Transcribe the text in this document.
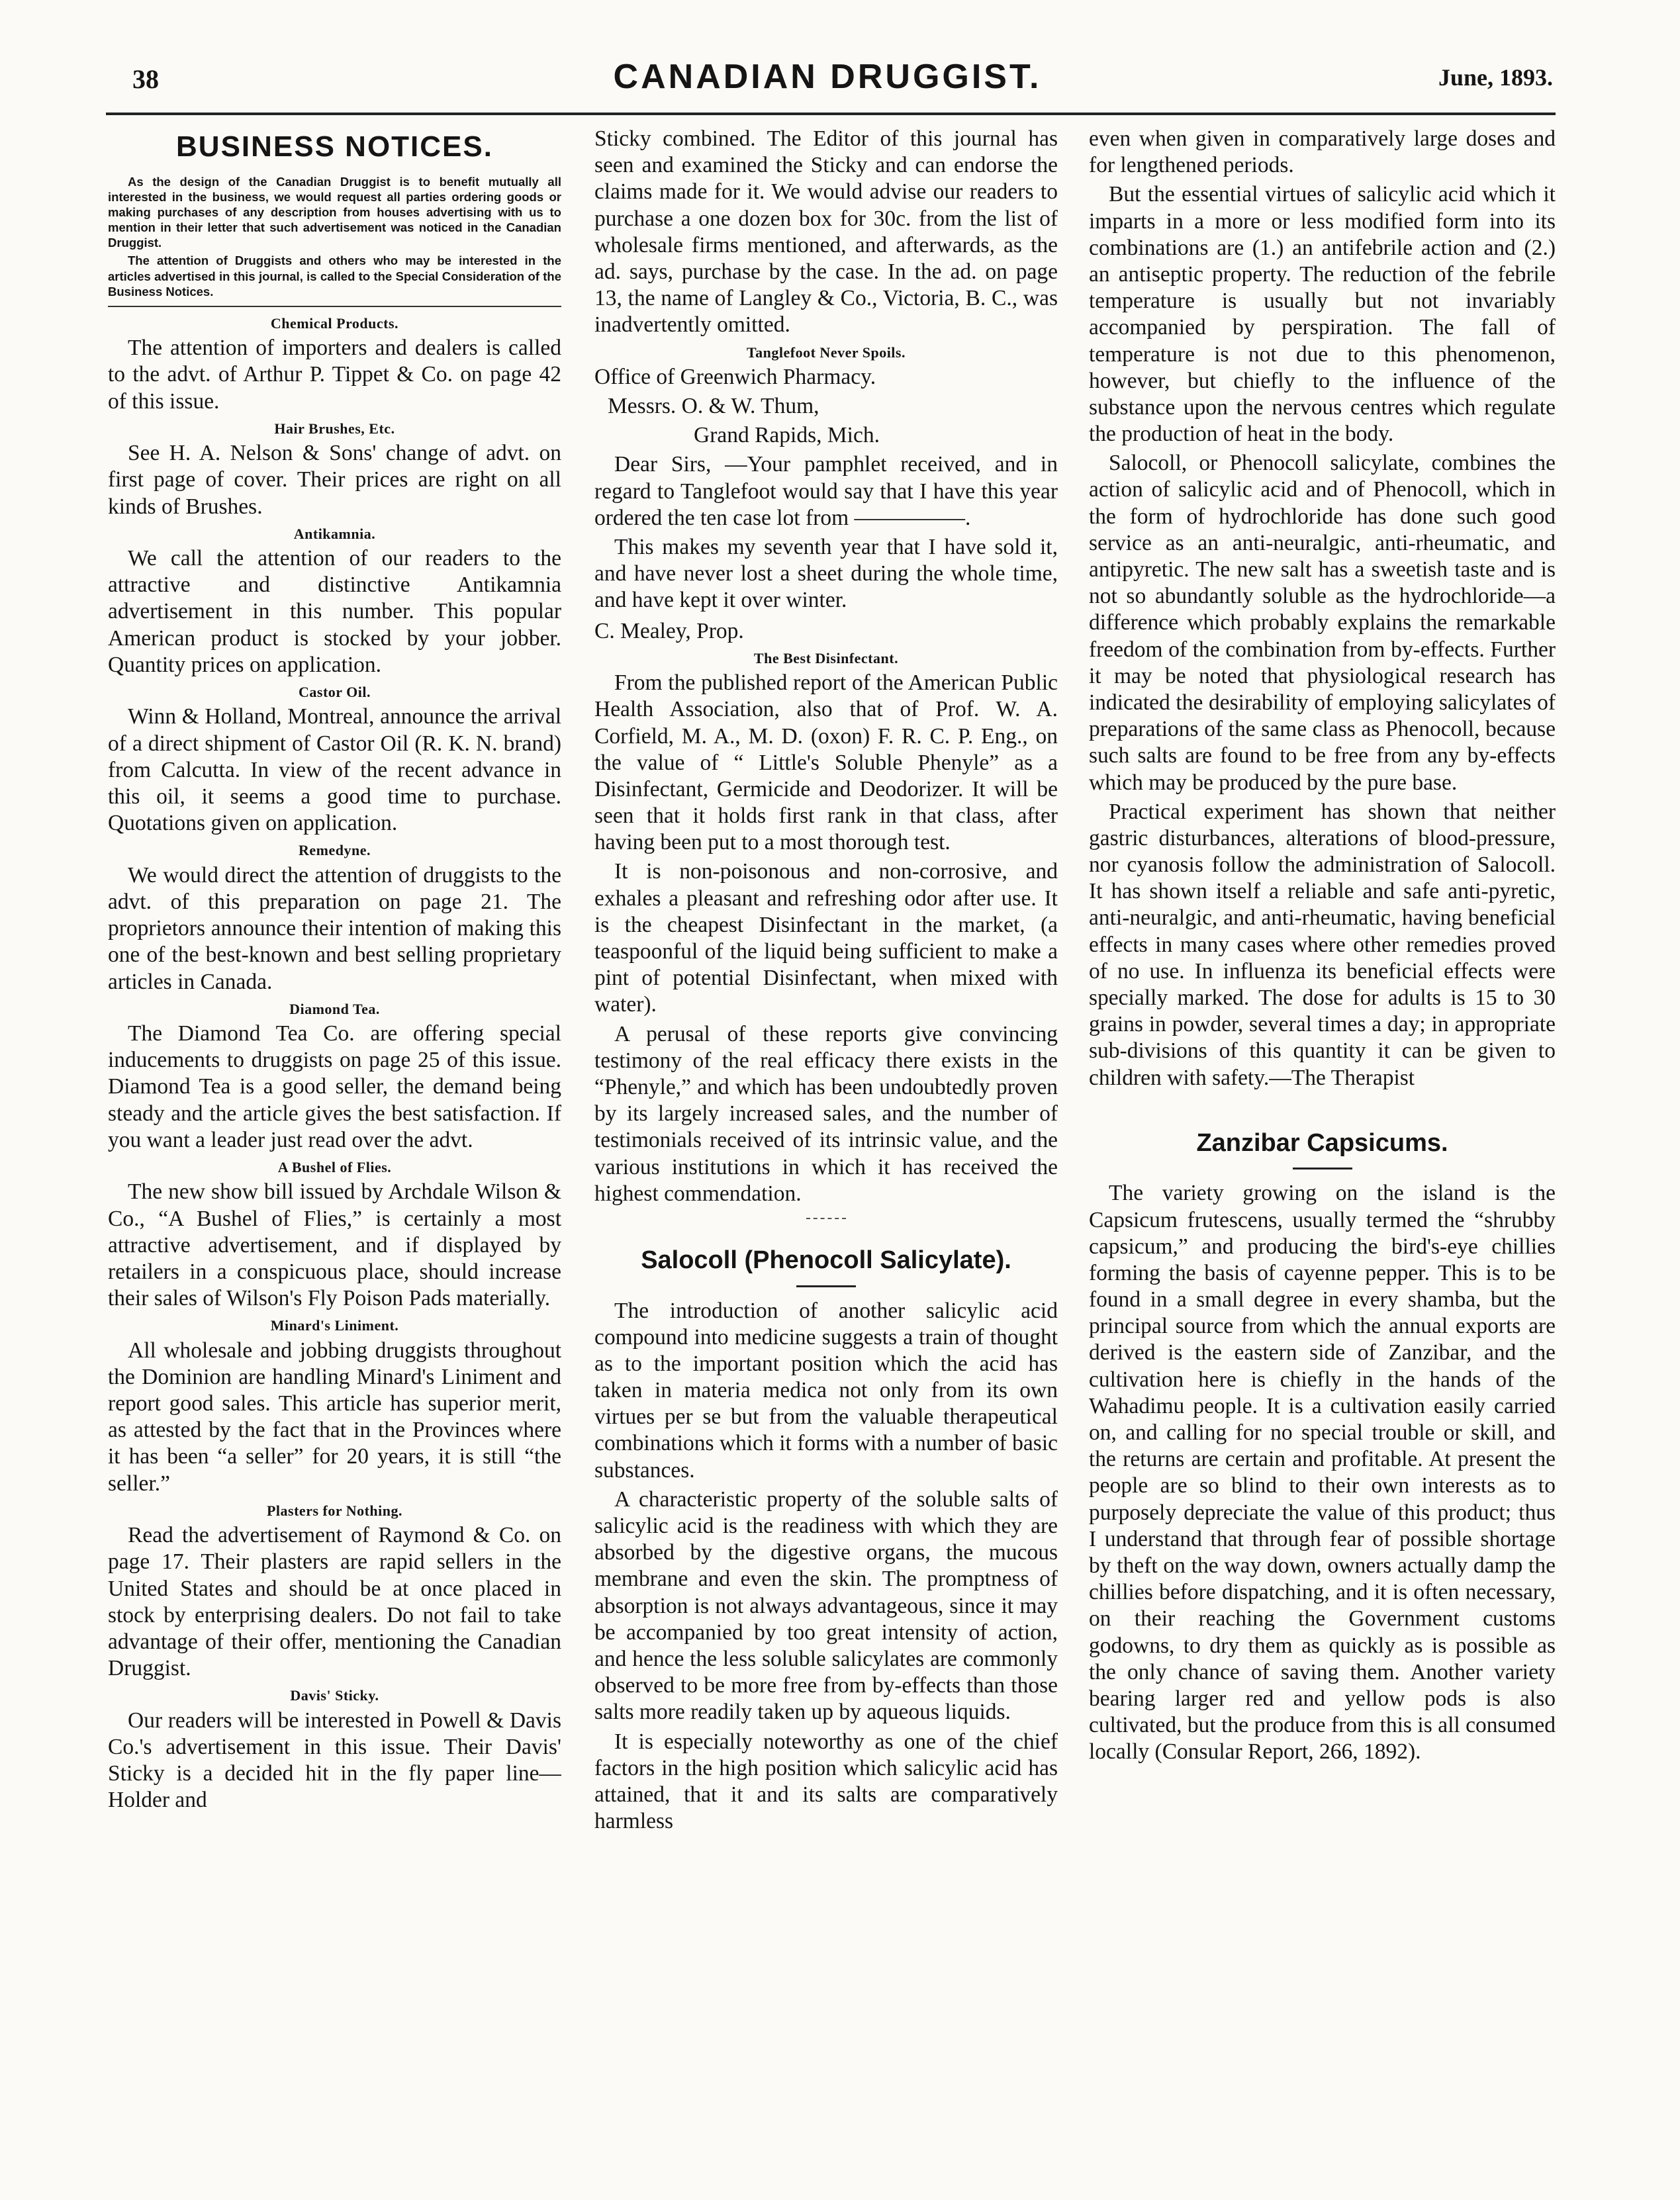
38	CANADIAN DRUGGIST.	June, 1893.
BUSINESS NOTICES.

As the design of the Canadian Druggist is to benefit mutually all interested in the business, we would request all parties ordering goods or making purchases of any description from houses advertising with us to mention in their letter that such advertisement was noticed in the Canadian Druggist.

The attention of Druggists and others who may be interested in the articles advertised in this journal, is called to the Special Consideration of the Business Notices.

Chemical Products.

The attention of importers and dealers is called to the advt. of Arthur P. Tippet & Co. on page 42 of this issue.

Hair Brushes, Etc.

See H. A. Nelson & Sons' change of advt. on first page of cover. Their prices are right on all kinds of Brushes.

Antikamnia.

We call the attention of our readers to the attractive and distinctive Antikamnia advertisement in this number. This popular American product is stocked by your jobber. Quantity prices on application.

Castor Oil.

Winn & Holland, Montreal, announce the arrival of a direct shipment of Castor Oil (R. K. N. brand) from Calcutta. In view of the recent advance in this oil, it seems a good time to purchase. Quotations given on application.

Remedyne.

We would direct the attention of druggists to the advt. of this preparation on page 21. The proprietors announce their intention of making this one of the best-known and best selling proprietary articles in Canada.

Diamond Tea.

The Diamond Tea Co. are offering special inducements to druggists on page 25 of this issue. Diamond Tea is a good seller, the demand being steady and the article gives the best satisfaction. If you want a leader just read over the advt.

A Bushel of Flies.

The new show bill issued by Archdale Wilson & Co., “A Bushel of Flies,” is certainly a most attractive advertisement, and if displayed by retailers in a conspicuous place, should increase their sales of Wilson's Fly Poison Pads materially.

Minard's Liniment.

All wholesale and jobbing druggists throughout the Dominion are handling Minard's Liniment and report good sales. This article has superior merit, as attested by the fact that in the Provinces where it has been “a seller” for 20 years, it is still “the seller.”

Plasters for Nothing.

Read the advertisement of Raymond & Co. on page 17. Their plasters are rapid sellers in the United States and should be at once placed in stock by enterprising dealers. Do not fail to take advantage of their offer, mentioning the Canadian Druggist.

Davis' Sticky.

Our readers will be interested in Powell & Davis Co.'s advertisement in this issue. Their Davis' Sticky is a decided hit in the fly paper line—Holder and

Sticky combined. The Editor of this journal has seen and examined the Sticky and can endorse the claims made for it. We would advise our readers to purchase a one dozen box for 30c. from the list of wholesale firms mentioned, and afterwards, as the ad. says, purchase by the case. In the ad. on page 13, the name of Langley & Co., Victoria, B. C., was inadvertently omitted.

Tanglefoot Never Spoils.

Office of Greenwich Pharmacy.

Messrs. O. & W. Thum,

Grand Rapids, Mich.

Dear Sirs, —Your pamphlet received, and in regard to Tanglefoot would say that I have this year ordered the ten case lot from —————.

This makes my seventh year that I have sold it, and have never lost a sheet during the whole time, and have kept it over winter.

C. Mealey, Prop.

The Best Disinfectant.

From the published report of the American Public Health Association, also that of Prof. W. A. Corfield, M. A., M. D. (oxon) F. R. C. P. Eng., on the value of “ Little's Soluble Phenyle” as a Disinfectant, Germicide and Deodorizer. It will be seen that it holds first rank in that class, after having been put to a most thorough test.

It is non-poisonous and non-corrosive, and exhales a pleasant and refreshing odor after use. It is the cheapest Disinfectant in the market, (a teaspoonful of the liquid being sufficient to make a pint of potential Disinfectant, when mixed with water).

A perusal of these reports give convincing testimony of the real efficacy there exists in the “Phenyle,” and which has been undoubtedly proven by its largely increased sales, and the number of testimonials received of its intrinsic value, and the various institutions in which it has received the highest commendation.

Salocoll (Phenocoll Salicylate).

The introduction of another salicylic acid compound into medicine suggests a train of thought as to the important position which the acid has taken in materia medica not only from its own virtues per se but from the valuable therapeutical combinations which it forms with a number of basic substances.

A characteristic property of the soluble salts of salicylic acid is the readiness with which they are absorbed by the digestive organs, the mucous membrane and even the skin. The promptness of absorption is not always advantageous, since it may be accompanied by too great intensity of action, and hence the less soluble salicylates are commonly observed to be more free from by-effects than those salts more readily taken up by aqueous liquids.

It is especially noteworthy as one of the chief factors in the high position which salicylic acid has attained, that it and its salts are comparatively harmless

even when given in comparatively large doses and for lengthened periods.

But the essential virtues of salicylic acid which it imparts in a more or less modified form into its combinations are (1.) an antifebrile action and (2.) an antiseptic property. The reduction of the febrile temperature is usually but not invariably accompanied by perspiration. The fall of temperature is not due to this phenomenon, however, but chiefly to the influence of the substance upon the nervous centres which regulate the production of heat in the body.

Salocoll, or Phenocoll salicylate, combines the action of salicylic acid and of Phenocoll, which in the form of hydrochloride has done such good service as an anti-neuralgic, anti-rheumatic, and antipyretic. The new salt has a sweetish taste and is not so abundantly soluble as the hydrochloride—a difference which probably explains the remarkable freedom of the combination from by-effects. Further it may be noted that physiological research has indicated the desirability of employing salicylates of preparations of the same class as Phenocoll, because such salts are found to be free from any by-effects which may be produced by the pure base.

Practical experiment has shown that neither gastric disturbances, alterations of blood-pressure, nor cyanosis follow the administration of Salocoll. It has shown itself a reliable and safe anti-pyretic, anti-neuralgic, and anti-rheumatic, having beneficial effects in many cases where other remedies proved of no use. In influenza its beneficial effects were specially marked. The dose for adults is 15 to 30 grains in powder, several times a day; in appropriate sub-divisions of this quantity it can be given to children with safety.—The Therapist

Zanzibar Capsicums.

The variety growing on the island is the Capsicum frutescens, usually termed the “shrubby capsicum,” and producing the bird's-eye chillies forming the basis of cayenne pepper. This is to be found in a small degree in every shamba, but the principal source from which the annual exports are derived is the eastern side of Zanzibar, and the cultivation here is chiefly in the hands of the Wahadimu people. It is a cultivation easily carried on, and calling for no special trouble or skill, and the returns are certain and profitable. At present the people are so blind to their own interests as to purposely depreciate the value of this product; thus I understand that through fear of possible shortage by theft on the way down, owners actually damp the chillies before dispatching, and it is often necessary, on their reaching the Government customs godowns, to dry them as quickly as is possible as the only chance of saving them. Another variety bearing larger red and yellow pods is also cultivated, but the produce from this is all consumed locally (Consular Report, 266, 1892).
